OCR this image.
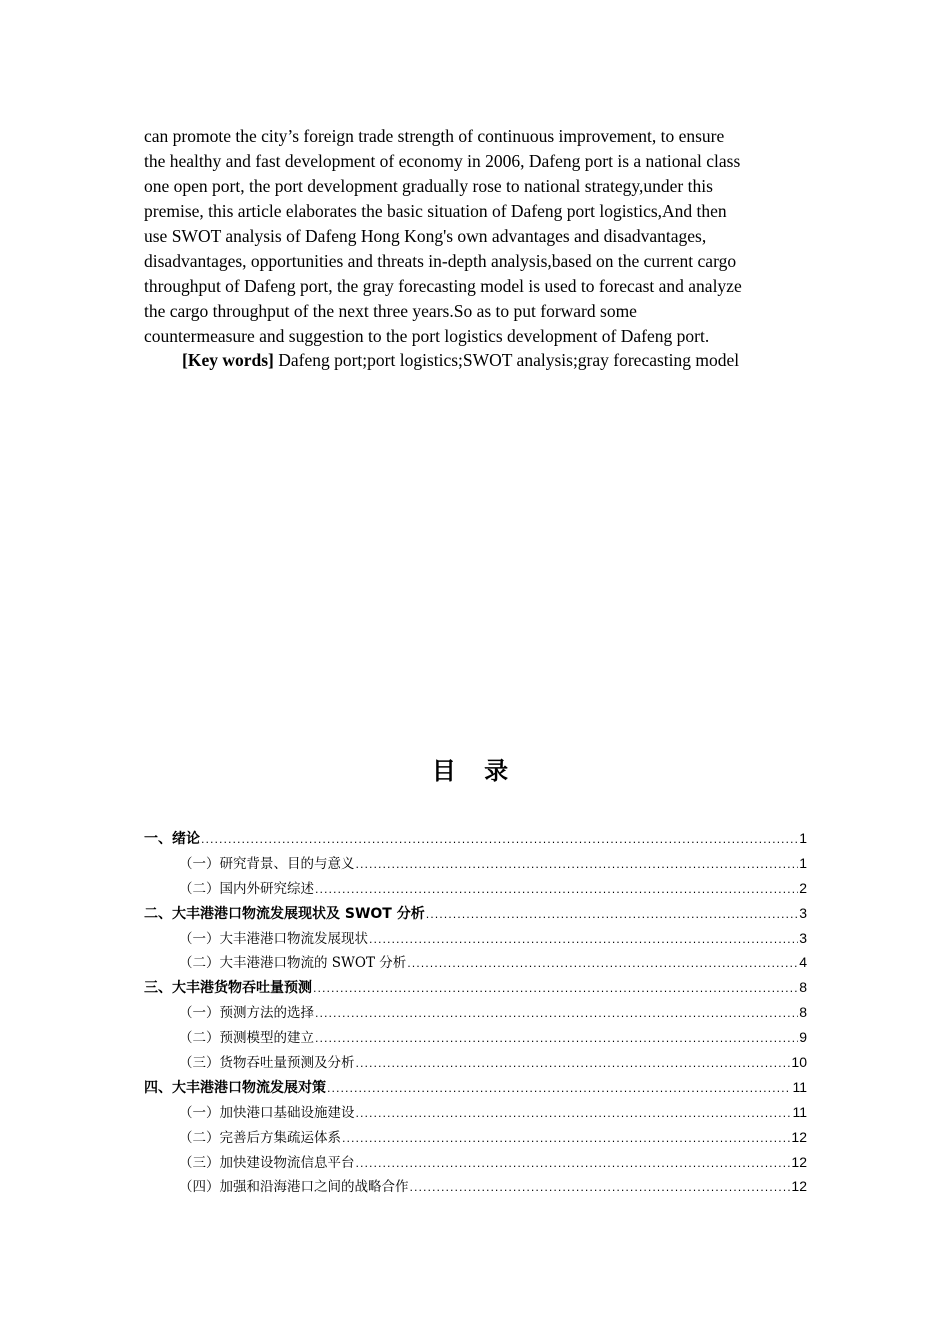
can promote the city’s foreign trade strength of continuous improvement, to ensure
the healthy and fast development of economy in 2006, Dafeng port is a national class
one open port, the port development gradually rose to national strategy,under this
premise, this article elaborates the basic situation of Dafeng port logistics,And then
use SWOT analysis of Dafeng Hong Kong's own advantages and disadvantages,
disadvantages, opportunities and threats in-depth analysis,based on the current cargo
throughput of Dafeng port, the gray forecasting model is used to forecast and analyze
the cargo throughput of the next three years.So as to put forward some
countermeasure and suggestion to the port logistics development of Dafeng port.
[Key words] Dafeng port;port logistics;SWOT analysis;gray forecasting model
目 录
一、绪论 .....	1
（一）研究背景、目的与意义 .....	1
（二）国内外研究综述 .....	2
二、大丰港港口物流发展现状及 SWOT 分析 .....	3
（一）大丰港港口物流发展现状 .....	3
（二）大丰港港口物流的 SWOT 分析 .....	4
三、大丰港货物吞吐量预测 .....	8
（一）预测方法的选择 .....	8
（二）预测模型的建立 .....	9
（三）货物吞吐量预测及分析 .....	10
四、大丰港港口物流发展对策 .....	11
（一）加快港口基础设施建设 .....	11
（二）完善后方集疏运体系 .....	12
（三）加快建设物流信息平台 .....	12
（四）加强和沿海港口之间的战略合作 .....	12
